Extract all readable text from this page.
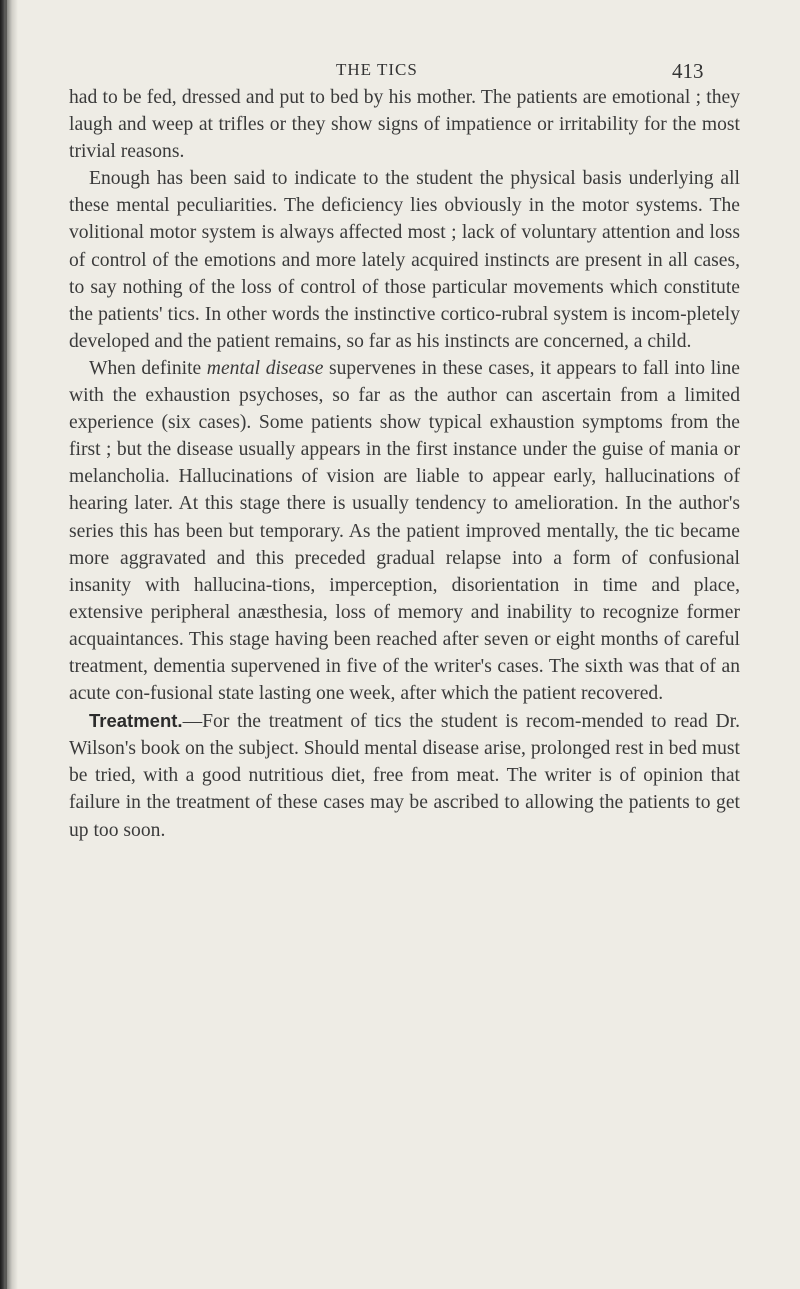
THE TICS	413

had to be fed, dressed and put to bed by his mother. The patients are emotional ; they laugh and weep at trifles or they show signs of impatience or irritability for the most trivial reasons.

Enough has been said to indicate to the student the physical basis underlying all these mental peculiarities. The deficiency lies obviously in the motor systems. The volitional motor system is always affected most ; lack of voluntary attention and loss of control of the emotions and more lately acquired instincts are present in all cases, to say nothing of the loss of control of those particular movements which constitute the patients' tics. In other words the instinctive cortico-rubral system is incom-pletely developed and the patient remains, so far as his instincts are concerned, a child.

When definite mental disease supervenes in these cases, it appears to fall into line with the exhaustion psychoses, so far as the author can ascertain from a limited experience (six cases). Some patients show typical exhaustion symptoms from the first ; but the disease usually appears in the first instance under the guise of mania or melancholia. Hallucinations of vision are liable to appear early, hallucinations of hearing later. At this stage there is usually tendency to amelioration. In the author's series this has been but temporary. As the patient improved mentally, the tic became more aggravated and this preceded gradual relapse into a form of confusional insanity with hallucina-tions, imperception, disorientation in time and place, extensive peripheral anæsthesia, loss of memory and inability to recognize former acquaintances. This stage having been reached after seven or eight months of careful treatment, dementia supervened in five of the writer's cases. The sixth was that of an acute con-fusional state lasting one week, after which the patient recovered.

Treatment.—For the treatment of tics the student is recom-mended to read Dr. Wilson's book on the subject. Should mental disease arise, prolonged rest in bed must be tried, with a good nutritious diet, free from meat. The writer is of opinion that failure in the treatment of these cases may be ascribed to allowing the patients to get up too soon.
